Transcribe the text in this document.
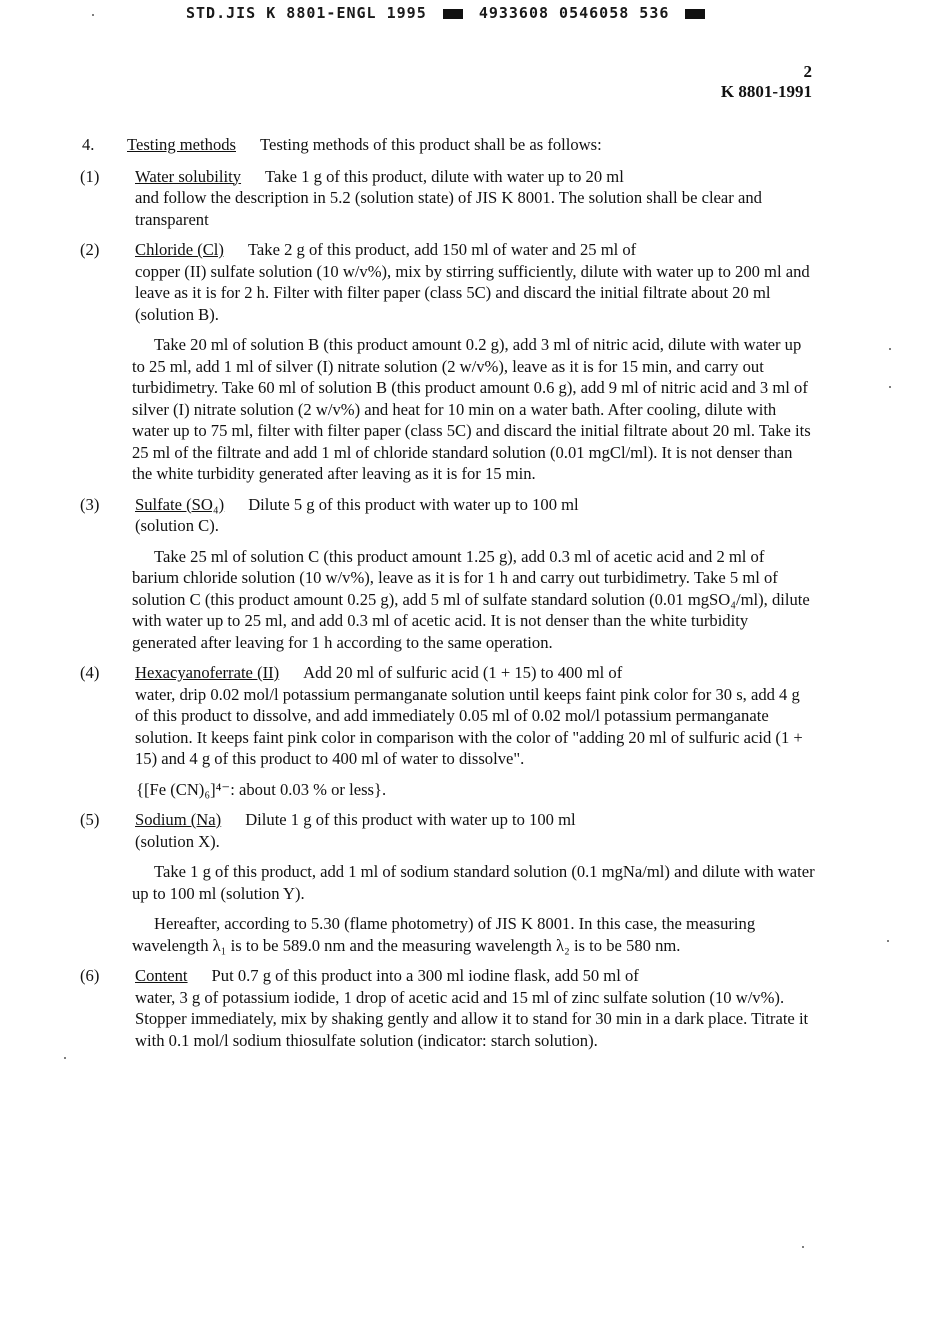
STD.JIS K 8801-ENGL 1995	4933608 0546058 536
2
K 8801-1991
4. Testing methods Testing methods of this product shall be as follows:
(1) Water solubility Take 1 g of this product, dilute with water up to 20 ml
and follow the description in 5.2 (solution state) of JIS K 8001. The solution shall be clear and transparent
(2) Chloride (Cl) Take 2 g of this product, add 150 ml of water and 25 ml of
copper (II) sulfate solution (10 w/v%), mix by stirring sufficiently, dilute with water up to 200 ml and leave as it is for 2 h. Filter with filter paper (class 5C) and discard the initial filtrate about 20 ml (solution B).
Take 20 ml of solution B (this product amount 0.2 g), add 3 ml of nitric acid, dilute with water up to 25 ml, add 1 ml of silver (I) nitrate solution (2 w/v%), leave as it is for 15 min, and carry out turbidimetry. Take 60 ml of solution B (this product amount 0.6 g), add 9 ml of nitric acid and 3 ml of silver (I) nitrate solution (2 w/v%) and heat for 10 min on a water bath. After cooling, dilute with water up to 75 ml, filter with filter paper (class 5C) and discard the initial filtrate about 20 ml. Take its 25 ml of the filtrate and add 1 ml of chloride standard solution (0.01 mgCl/ml). It is not denser than the white turbidity generated after leaving as it is for 15 min.
(3) Sulfate (SO₄) Dilute 5 g of this product with water up to 100 ml
(solution C).
Take 25 ml of solution C (this product amount 1.25 g), add 0.3 ml of acetic acid and 2 ml of barium chloride solution (10 w/v%), leave as it is for 1 h and carry out turbidimetry. Take 5 ml of solution C (this product amount 0.25 g), add 5 ml of sulfate standard solution (0.01 mgSO₄/ml), dilute with water up to 25 ml, and add 0.3 ml of acetic acid. It is not denser than the white turbidity generated after leaving for 1 h according to the same operation.
(4) Hexacyanoferrate (II) Add 20 ml of sulfuric acid (1 + 15) to 400 ml of
water, drip 0.02 mol/l potassium permanganate solution until keeps faint pink color for 30 s, add 4 g of this product to dissolve, and add immediately 0.05 ml of 0.02 mol/l potassium permanganate solution. It keeps faint pink color in comparison with the color of "adding 20 ml of sulfuric acid (1 + 15) and 4 g of this product to 400 ml of water to dissolve".
{[Fe (CN)₆]⁴⁻: about 0.03 % or less}.
(5) Sodium (Na) Dilute 1 g of this product with water up to 100 ml
(solution X).
Take 1 g of this product, add 1 ml of sodium standard solution (0.1 mgNa/ml) and dilute with water up to 100 ml (solution Y).
Hereafter, according to 5.30 (flame photometry) of JIS K 8001. In this case, the measuring wavelength λ₁ is to be 589.0 nm and the measuring wavelength λ₂ is to be 580 nm.
(6) Content Put 0.7 g of this product into a 300 ml iodine flask, add 50 ml of
water, 3 g of potassium iodide, 1 drop of acetic acid and 15 ml of zinc sulfate solution (10 w/v%). Stopper immediately, mix by shaking gently and allow it to stand for 30 min in a dark place. Titrate it with 0.1 mol/l sodium thiosulfate solution (indicator: starch solution).
